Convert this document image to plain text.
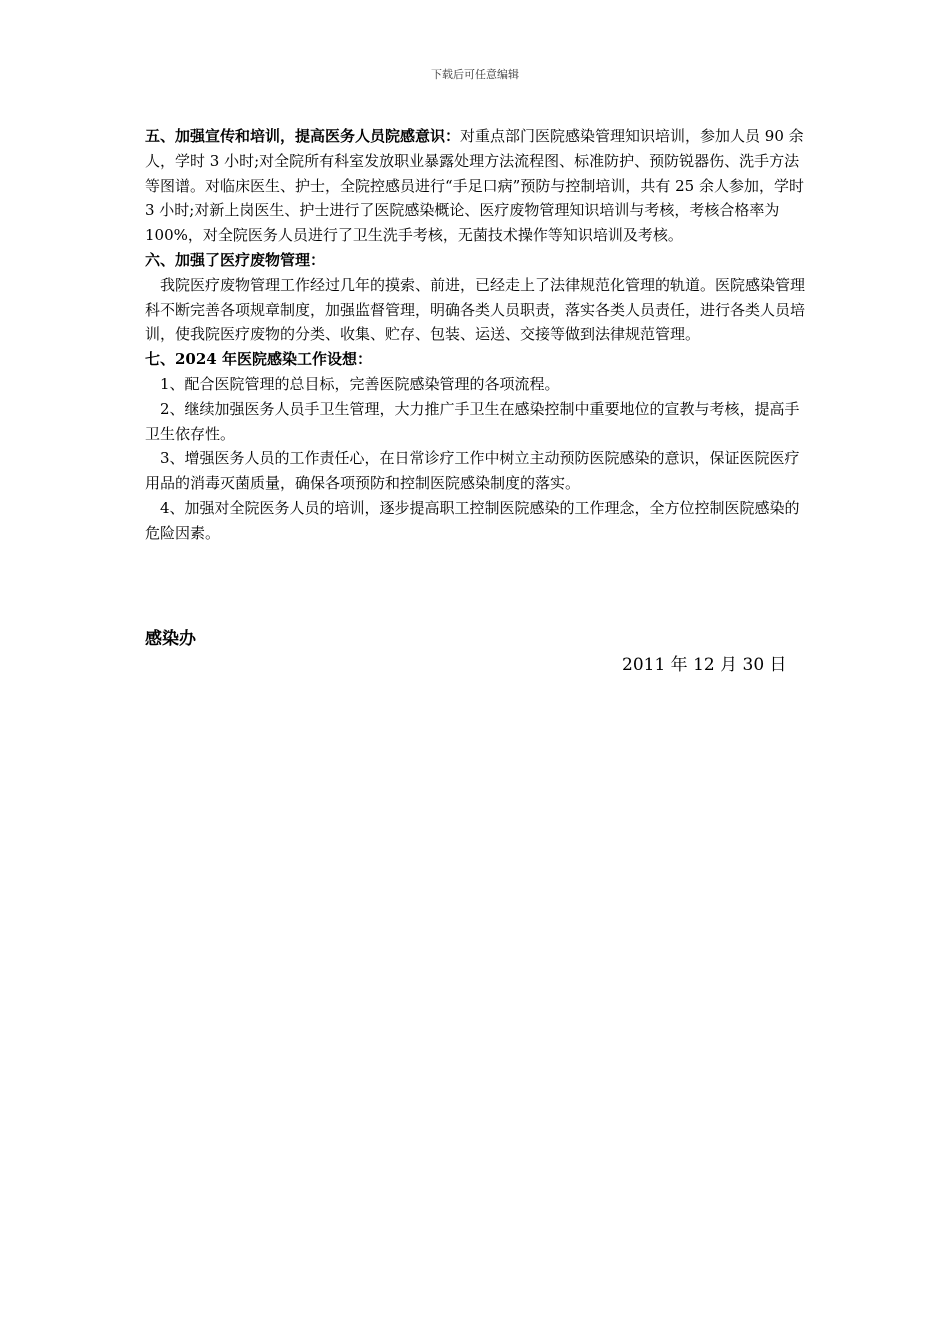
下载后可任意编辑

五、加强宣传和培训，提高医务人员院感意识：对重点部门医院感染管理知识培训，参加人员 90 余人，学时 3 小时;对全院所有科室发放职业暴露处理方法流程图、标准防护、预防锐器伤、洗手方法等图谱。对临床医生、护士，全院控感员进行“手足口病”预防与控制培训，共有 25 余人参加，学时 3 小时;对新上岗医生、护士进行了医院感染概论、医疗废物管理知识培训与考核，考核合格率为 100%，对全院医务人员进行了卫生洗手考核，无菌技术操作等知识培训及考核。

六、加强了医疗废物管理：

我院医疗废物管理工作经过几年的摸索、前进，已经走上了法律规范化管理的轨道。医院感染管理科不断完善各项规章制度，加强监督管理，明确各类人员职责，落实各类人员责任，进行各类人员培训，使我院医疗废物的分类、收集、贮存、包装、运送、交接等做到法律规范管理。

七、2024 年医院感染工作设想：

1、配合医院管理的总目标，完善医院感染管理的各项流程。

2、继续加强医务人员手卫生管理，大力推广手卫生在感染控制中重要地位的宣教与考核，提高手卫生依存性。

3、增强医务人员的工作责任心，在日常诊疗工作中树立主动预防医院感染的意识，保证医院医疗用品的消毒灭菌质量，确保各项预防和控制医院感染制度的落实。

4、加强对全院医务人员的培训，逐步提高职工控制医院感染的工作理念，全方位控制医院感染的危险因素。

感染办
2011 年 12 月 30 日
